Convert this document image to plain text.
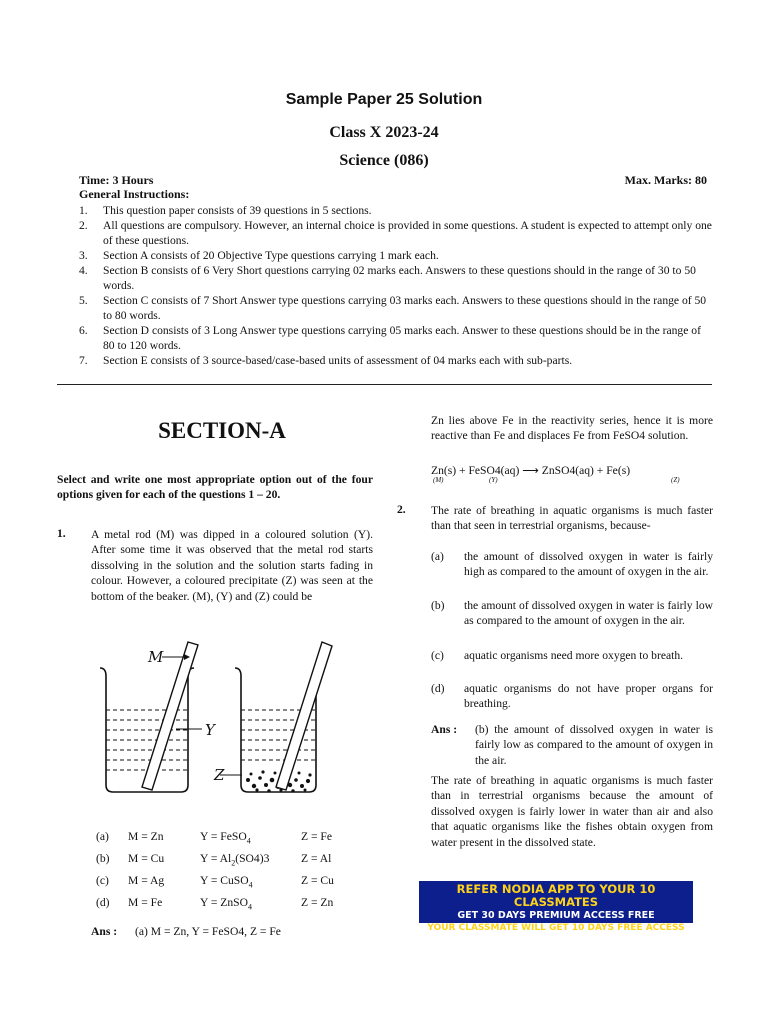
Sample Paper 25 Solution
Class X 2023-24
Science (086)
Time: 3 Hours	Max. Marks: 80
General Instructions:
1. This question paper consists of 39 questions in 5 sections.
2. All questions are compulsory. However, an internal choice is provided in some questions. A student is expected to attempt only one of these questions.
3. Section A consists of 20 Objective Type questions carrying 1 mark each.
4. Section B consists of 6 Very Short questions carrying 02 marks each. Answers to these questions should in the range of 30 to 50 words.
5. Section C consists of 7 Short Answer type questions carrying 03 marks each. Answers to these questions should in the range of 50 to 80 words.
6. Section D consists of 3 Long Answer type questions carrying 05 marks each. Answer to these questions should be in the range of 80 to 120 words.
7. Section E consists of 3 source-based/case-based units of assessment of 04 marks each with sub-parts.
SECTION-A
Select and write one most appropriate option out of the four options given for each of the questions 1 – 20.
1. A metal rod (M) was dipped in a coloured solution (Y). After some time it was observed that the metal rod starts dissolving in the solution and the solution starts fading in colour. However, a coloured precipitate (Z) was seen at the bottom of the beaker. (M), (Y) and (Z) could be
M
Y
Z
(a) M = Zn	Y = FeSO$_4$	Z = Fe
(b) M = Cu	$Y = Al_2(SO4)3$	Z = Al
(c) M = Ag	Y = CuSO$_4$	Z = Cu
(d) M = Fe	Y = ZnSO$_4$	Z = Zn
Ans : (a) M = Zn, Y = FeSO4, Z = Fe
Zn lies above Fe in the reactivity series, hence it is more reactive than Fe and displaces Fe from FeSO4 solution.
Zn(s) + FeSO4(aq) ⟶ ZnSO4(aq) + Fe(s)
(M)	(Y)	(Z)
2. The rate of breathing in aquatic organisms is much faster than that seen in terrestrial organisms, because-
(a) the amount of dissolved oxygen in water is fairly high as compared to the amount of oxygen in the air.
(b) the amount of dissolved oxygen in water is fairly low as compared to the amount of oxygen in the air.
(c) aquatic organisms need more oxygen to breath.
(d) aquatic organisms do not have proper organs for breathing.
Ans : (b) the amount of dissolved oxygen in water is fairly low as compared to the amount of oxygen in the air.
The rate of breathing in aquatic organisms is much faster than in terrestrial organisms because the amount of dissolved oxygen is fairly lower in water than air and also that aquatic organisms like the fishes obtain oxygen from water present in the dissolved state.
REFER NODIA APP TO YOUR 10 CLASSMATES
GET 30 DAYS PREMIUM ACCESS FREE
YOUR CLASSMATE WILL GET 10 DAYS FREE ACCESS
